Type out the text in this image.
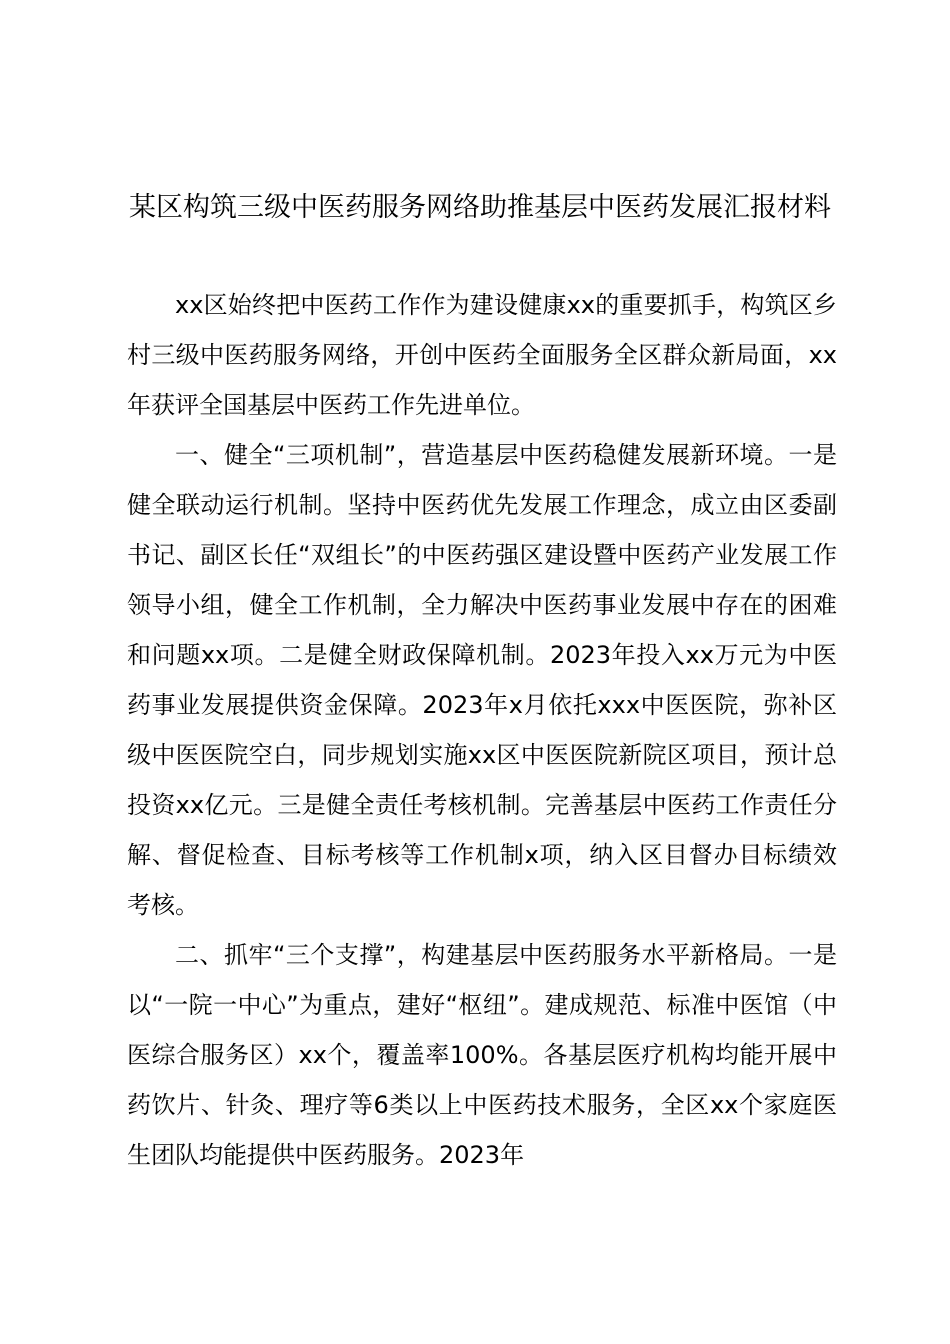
某区构筑三级中医药服务网络助推基层中医药发展汇报材料

xx区始终把中医药工作作为建设健康xx的重要抓手，构筑区乡村三级中医药服务网络，开创中医药全面服务全区群众新局面，xx年获评全国基层中医药工作先进单位。

一、健全“三项机制”，营造基层中医药稳健发展新环境。一是健全联动运行机制。坚持中医药优先发展工作理念，成立由区委副书记、副区长任“双组长”的中医药强区建设暨中医药产业发展工作领导小组，健全工作机制，全力解决中医药事业发展中存在的困难和问题xx项。二是健全财政保障机制。2023年投入xx万元为中医药事业发展提供资金保障。2023年x月依托xxx中医医院，弥补区级中医医院空白，同步规划实施xx区中医医院新院区项目，预计总投资xx亿元。三是健全责任考核机制。完善基层中医药工作责任分解、督促检查、目标考核等工作机制x项，纳入区目督办目标绩效考核。

二、抓牢“三个支撑”，构建基层中医药服务水平新格局。一是以“一院一中心”为重点，建好“枢纽”。建成规范、标准中医馆（中医综合服务区）xx个，覆盖率100%。各基层医疗机构均能开展中药饮片、针灸、理疗等6类以上中医药技术服务，全区xx个家庭医生团队均能提供中医药服务。2023年
